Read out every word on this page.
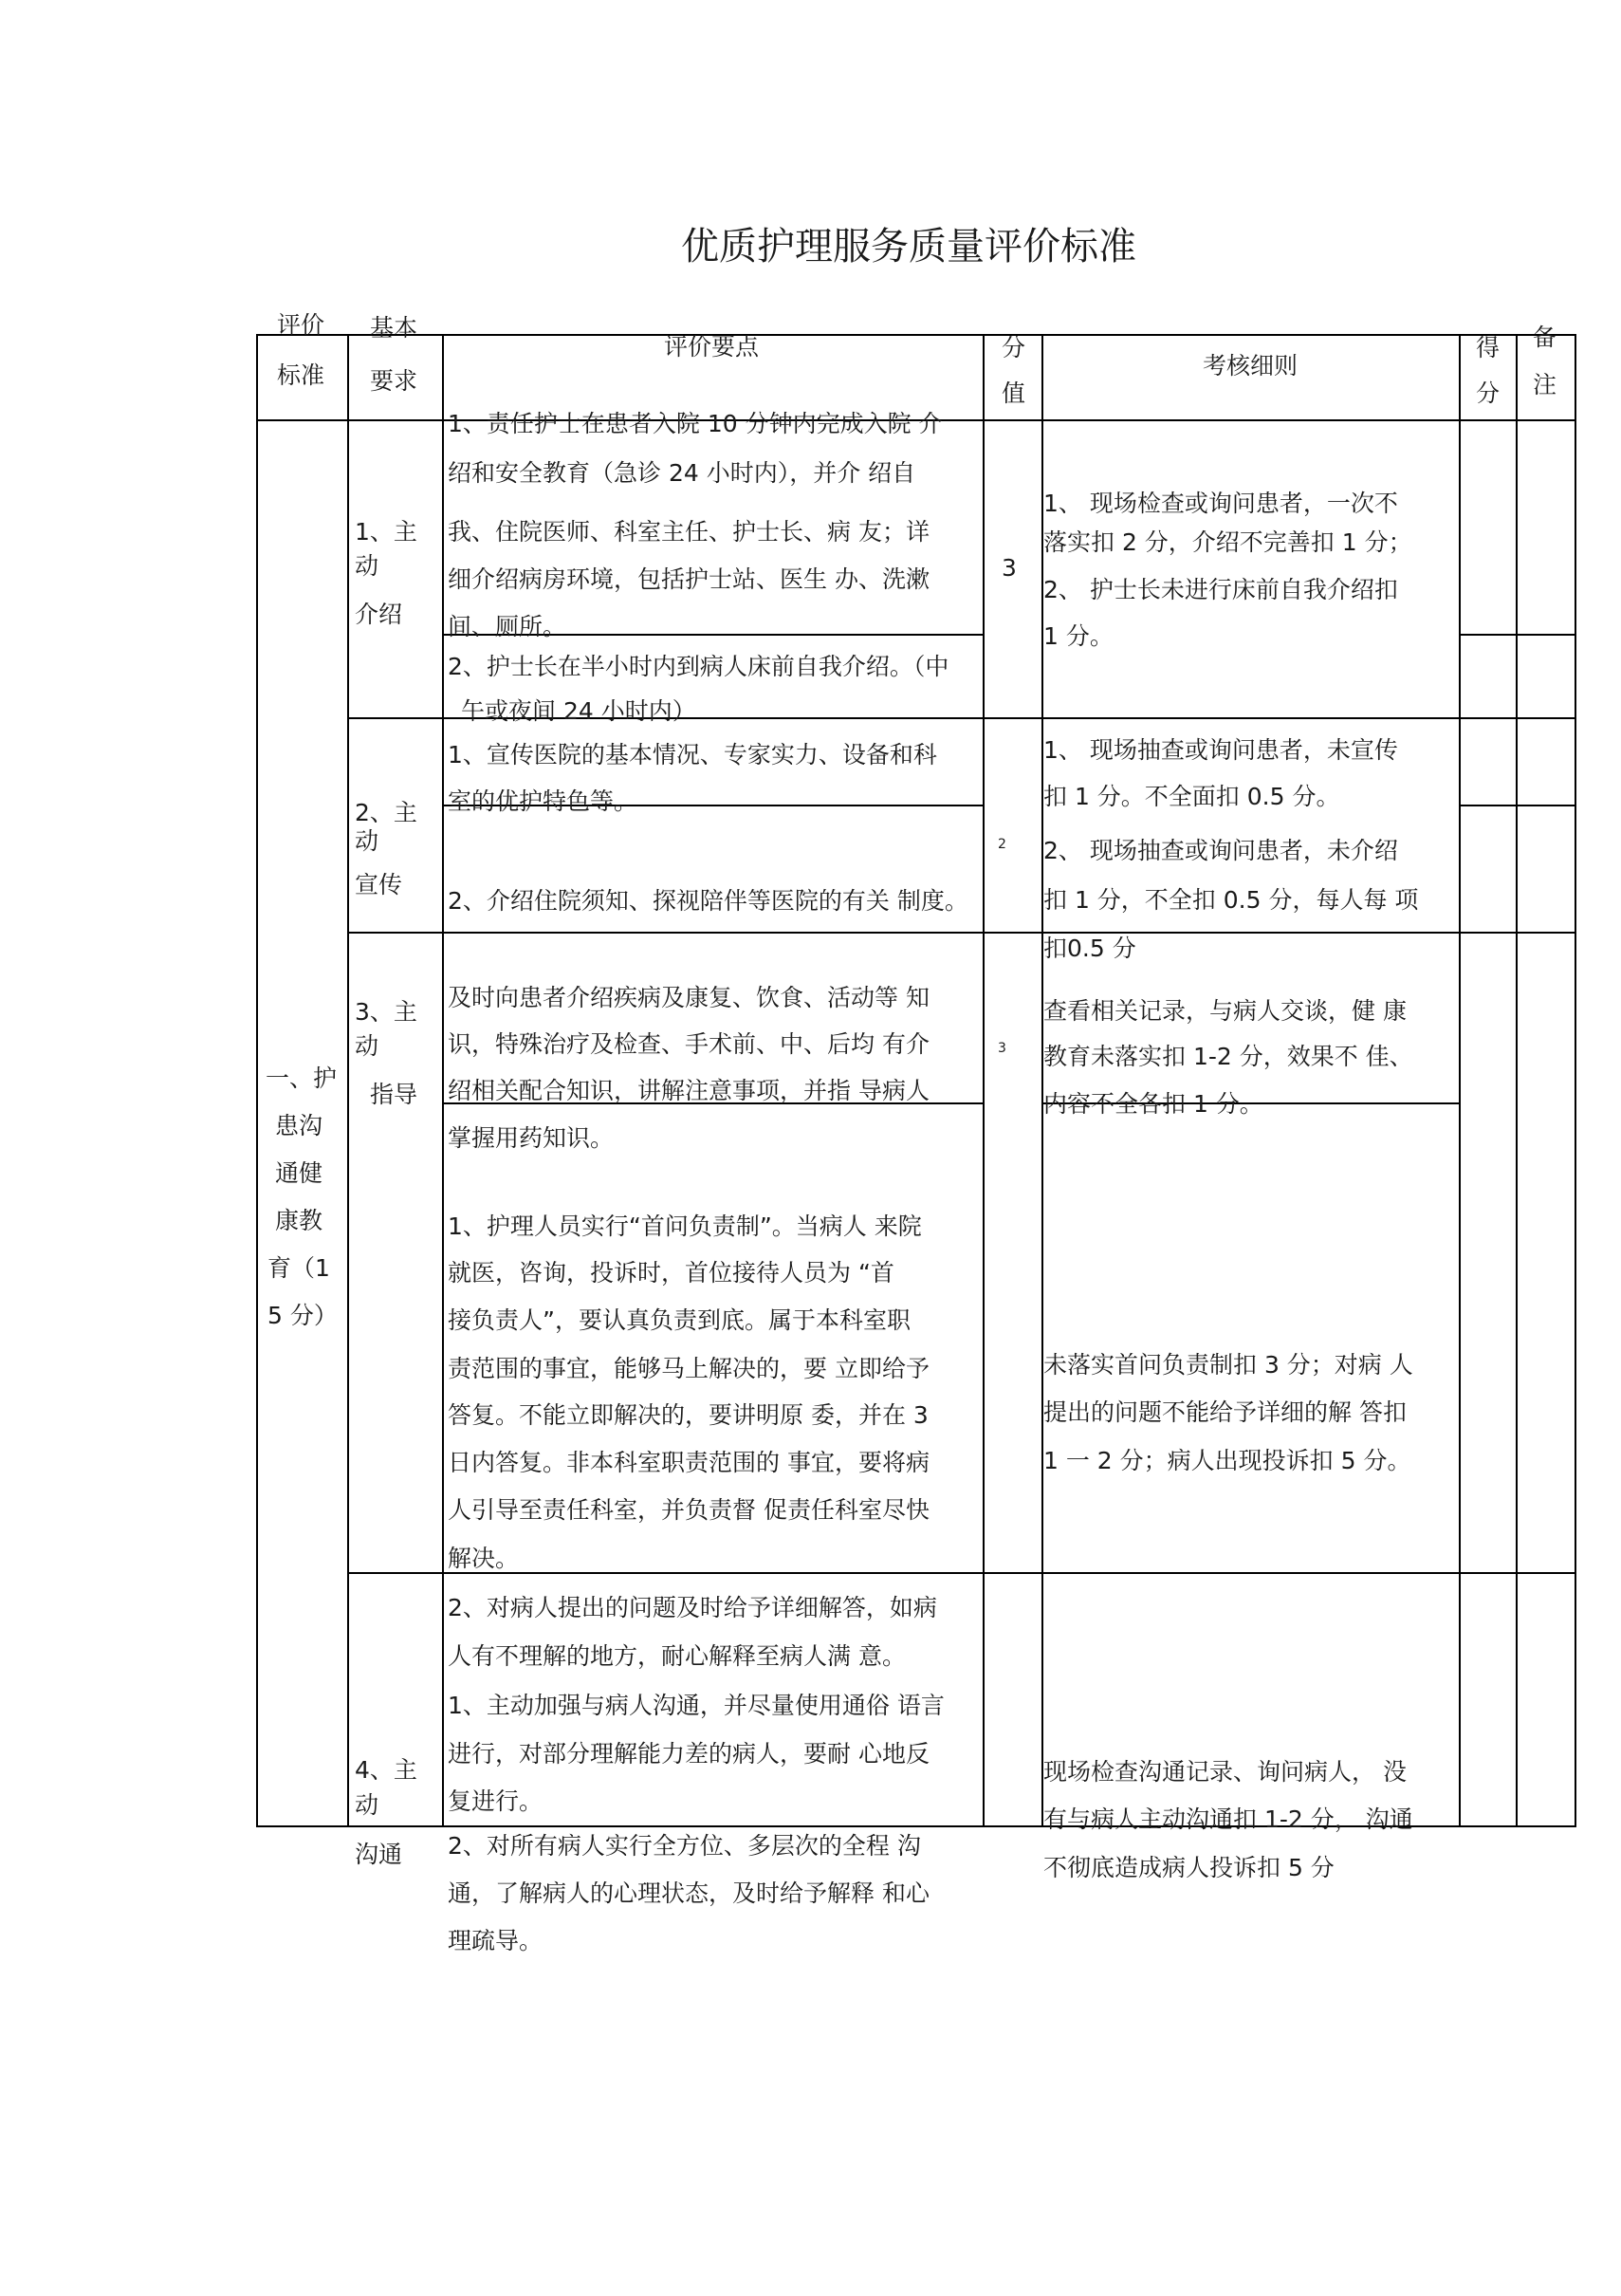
优质护理服务质量评价标准
评价
标准
基本
要求
评价要点	分
值
考核细则
得
分
备
注
一、护
患沟
通健
康教
育（1
5 分）
1、主
动
介绍
1、责任护士在患者入院 10 分钟内完成入院 介
绍和安全教育（急诊 24 小时内），并介 绍自
我、住院医师、科室主任、护士长、病 友；详
细介绍病房环境，包括护士站、医生 办、洗漱
间、厕所。
2、护士长在半小时内到病人床前自我介绍。（中
午或夜间 24 小时内）
3
1、 现场检查或询问患者，一次不
落实扣 2 分，介绍不完善扣 1 分；
2、 护士长未进行床前自我介绍扣
1 分。
2、主
动
宣传
1、宣传医院的基本情况、专家实力、设备和科
室的优护特色等。
2、介绍住院须知、探视陪伴等医院的有关 制度。
2
1、 现场抽查或询问患者，未宣传
扣 1 分。不全面扣 0.5 分。
2、 现场抽查或询问患者，未介绍
扣 1 分，不全扣 0.5 分，每人每 项
扣0.5 分
3、主
动
指导
及时向患者介绍疾病及康复、饮食、活动等 知
识，特殊治疗及检查、手术前、中、后均 有介
绍相关配合知识，讲解注意事项，并指 导病人
掌握用药知识。
3
查看相关记录，与病人交谈，健 康
教育未落实扣 1-2 分，效果不 佳、
内容不全各扣 1 分。
1、护理人员实行“首问负责制”。当病人 来院
就医，咨询，投诉时，首位接待人员为 “首
接负责人”，要认真负责到底。属于本科室职
责范围的事宜，能够马上解决的，要 立即给予
答复。不能立即解决的，要讲明原 委，并在 3
日内答复。非本科室职责范围的 事宜，要将病
人引导至责任科室，并负责督 促责任科室尽快
解决。
2、对病人提出的问题及时给予详细解答，如病
人有不理解的地方，耐心解释至病人满 意。
未落实首问负责制扣 3 分；对病 人
提出的问题不能给予详细的解 答扣
1 一 2 分；病人出现投诉扣 5 分。
4、主
动
沟通
1、主动加强与病人沟通，并尽量使用通俗 语言
进行，对部分理解能力差的病人，要耐 心地反
复进行。
2、对所有病人实行全方位、多层次的全程 沟
通，了解病人的心理状态，及时给予解释 和心
理疏导。
现场检查沟通记录、询问病人， 没
有与病人主动沟通扣 1-2 分， 沟通
不彻底造成病人投诉扣 5 分
